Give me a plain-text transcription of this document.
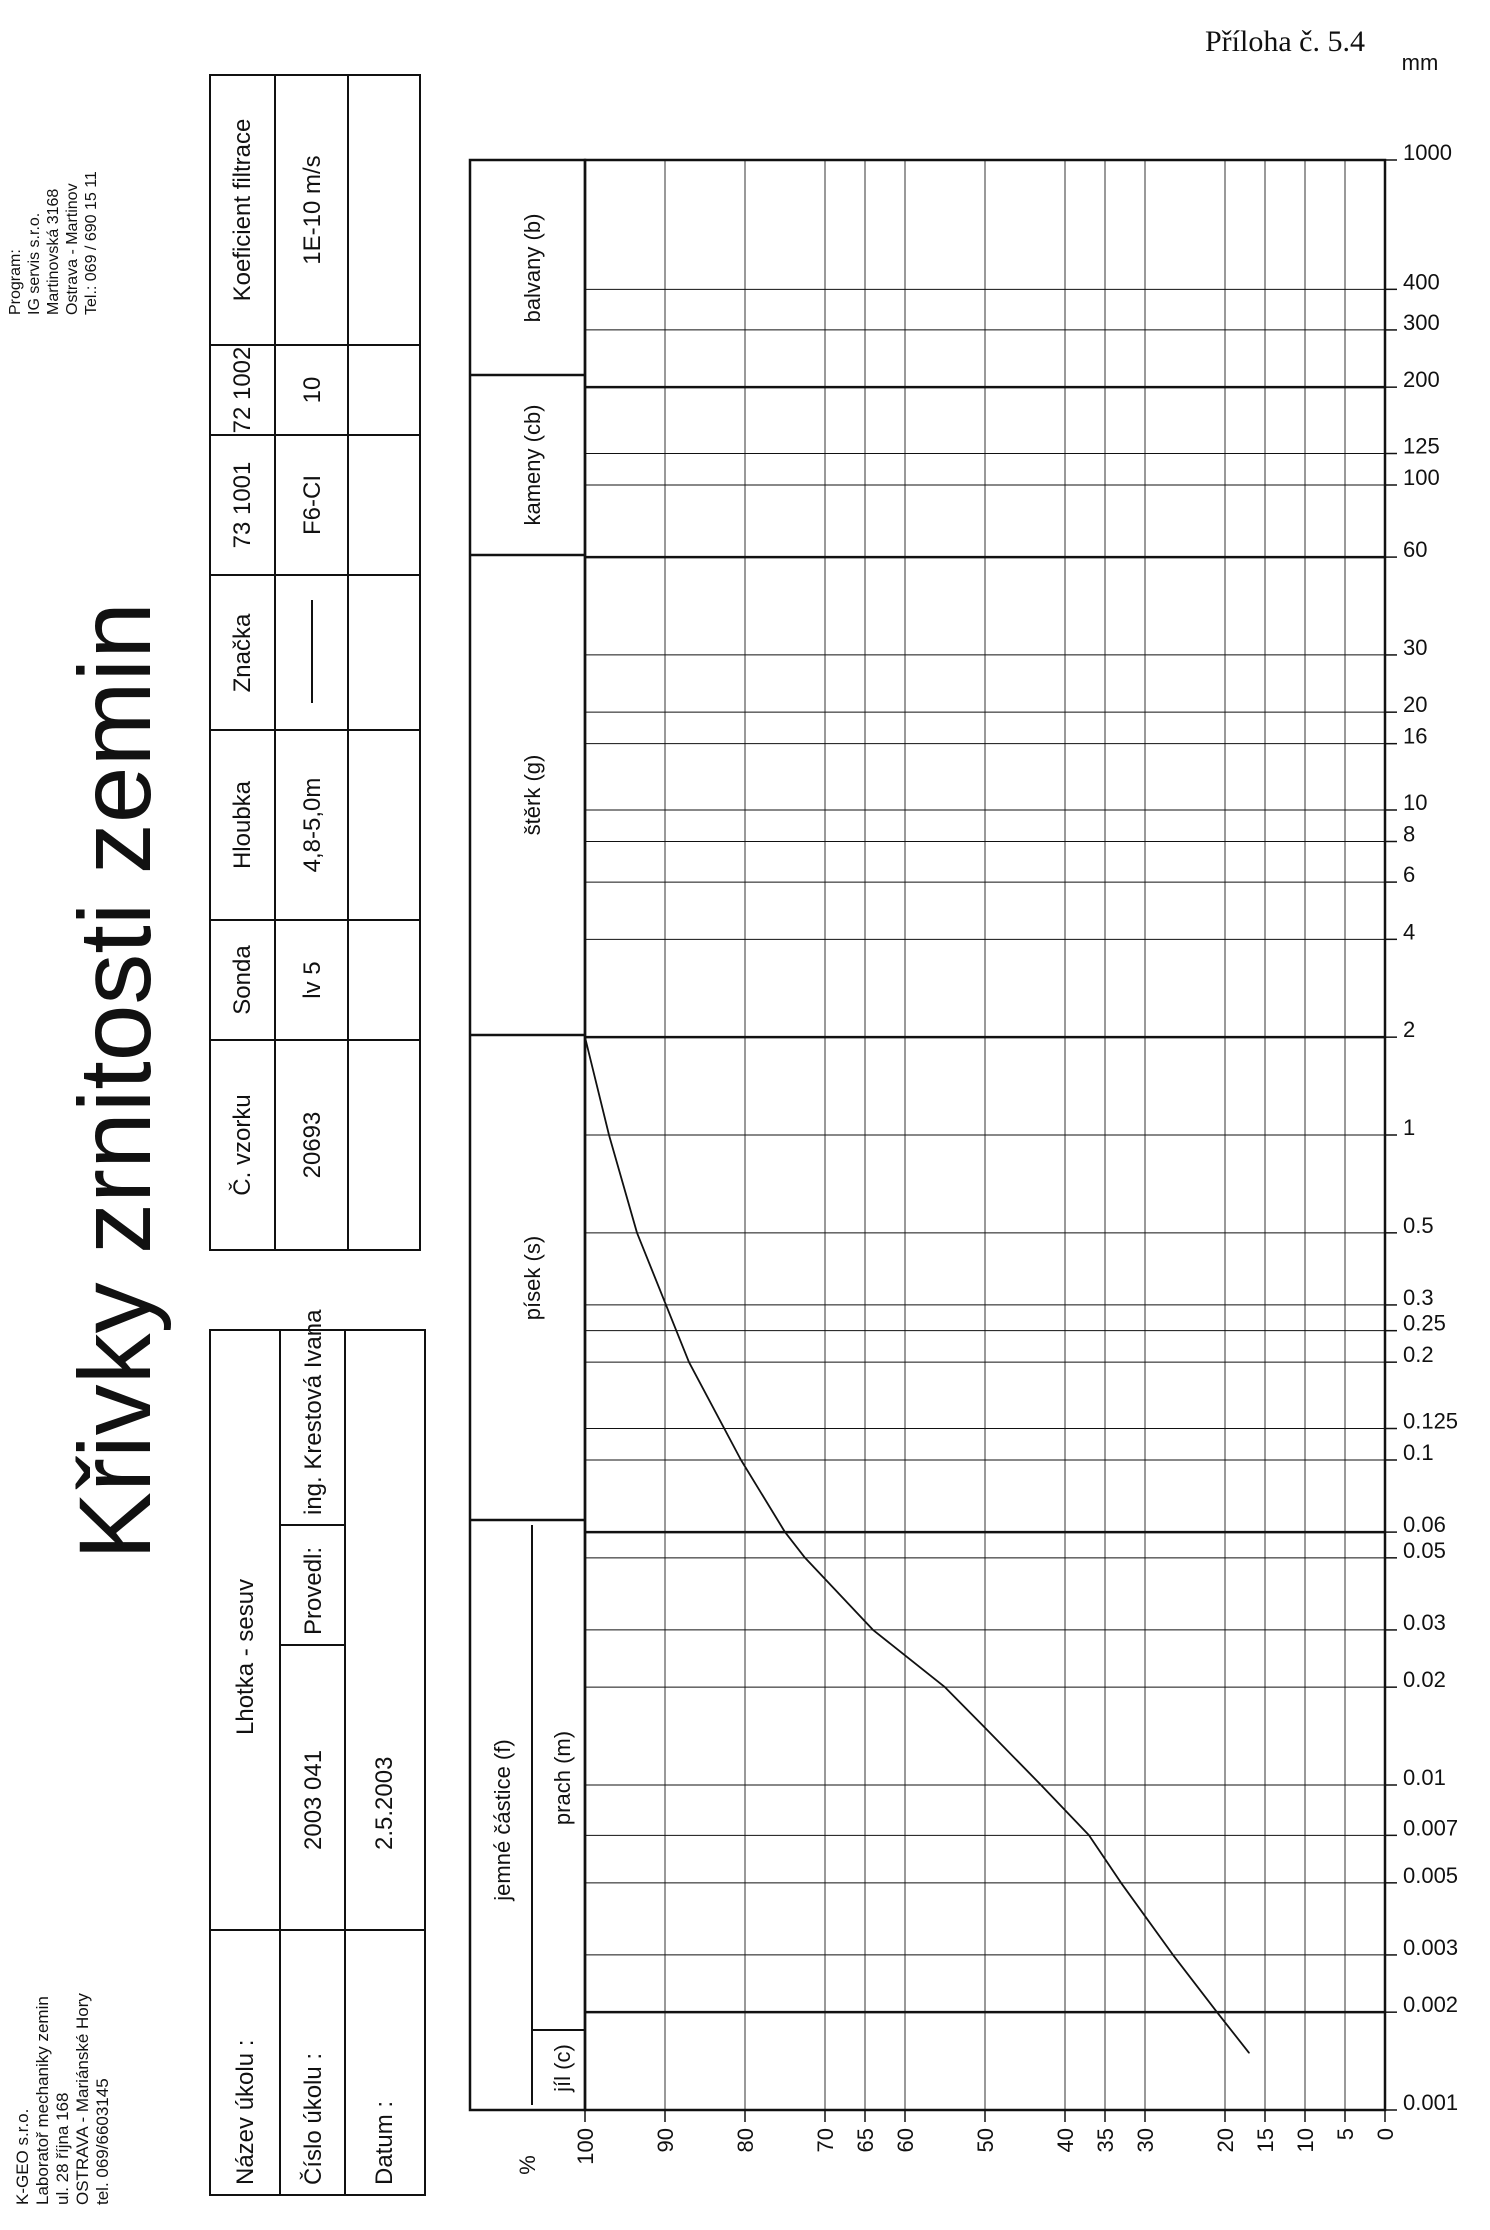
K-GEO s.r.o. Laboratoř mechaniky zemin ul. 28 října 168 OSTRAVA - Mariánské Hory tel. 069/6603145
Křivky zrnitosti zemin
Program: IG servis s.r.o. Martinovská 3168 Ostrava - Martinov Tel.: 069 / 690 15 11
Příloha č. 5.4
Název úkolu :
Lhotka - sesuv
Číslo úkolu :
2003 041
Provedl:
ing. Krestová Ivana
Datum :
2.5.2003
Č. vzorku
Sonda
Hloubka
Značka
73 1001
72 1002
Koeficient filtrace
20693
lv 5
4,8-5,0m
F6-CI
10
1E-10 m/s
jemné částice (f)
jíl (c)
prach (m)
písek (s)
štěrk (g)
kameny (cb)
balvany (b)
0
5
10
15
20
30
35
40
50
60
65
70
80
90
100
0.001
0.002
0.003
0.005
0.007
0.01
0.02
0.03
0.05
0.06
0.1
0.125
0.2
0.25
0.3
0.5
1
2
4
6
8
10
16
20
30
60
100
125
200
300
400
1000
%
mm
